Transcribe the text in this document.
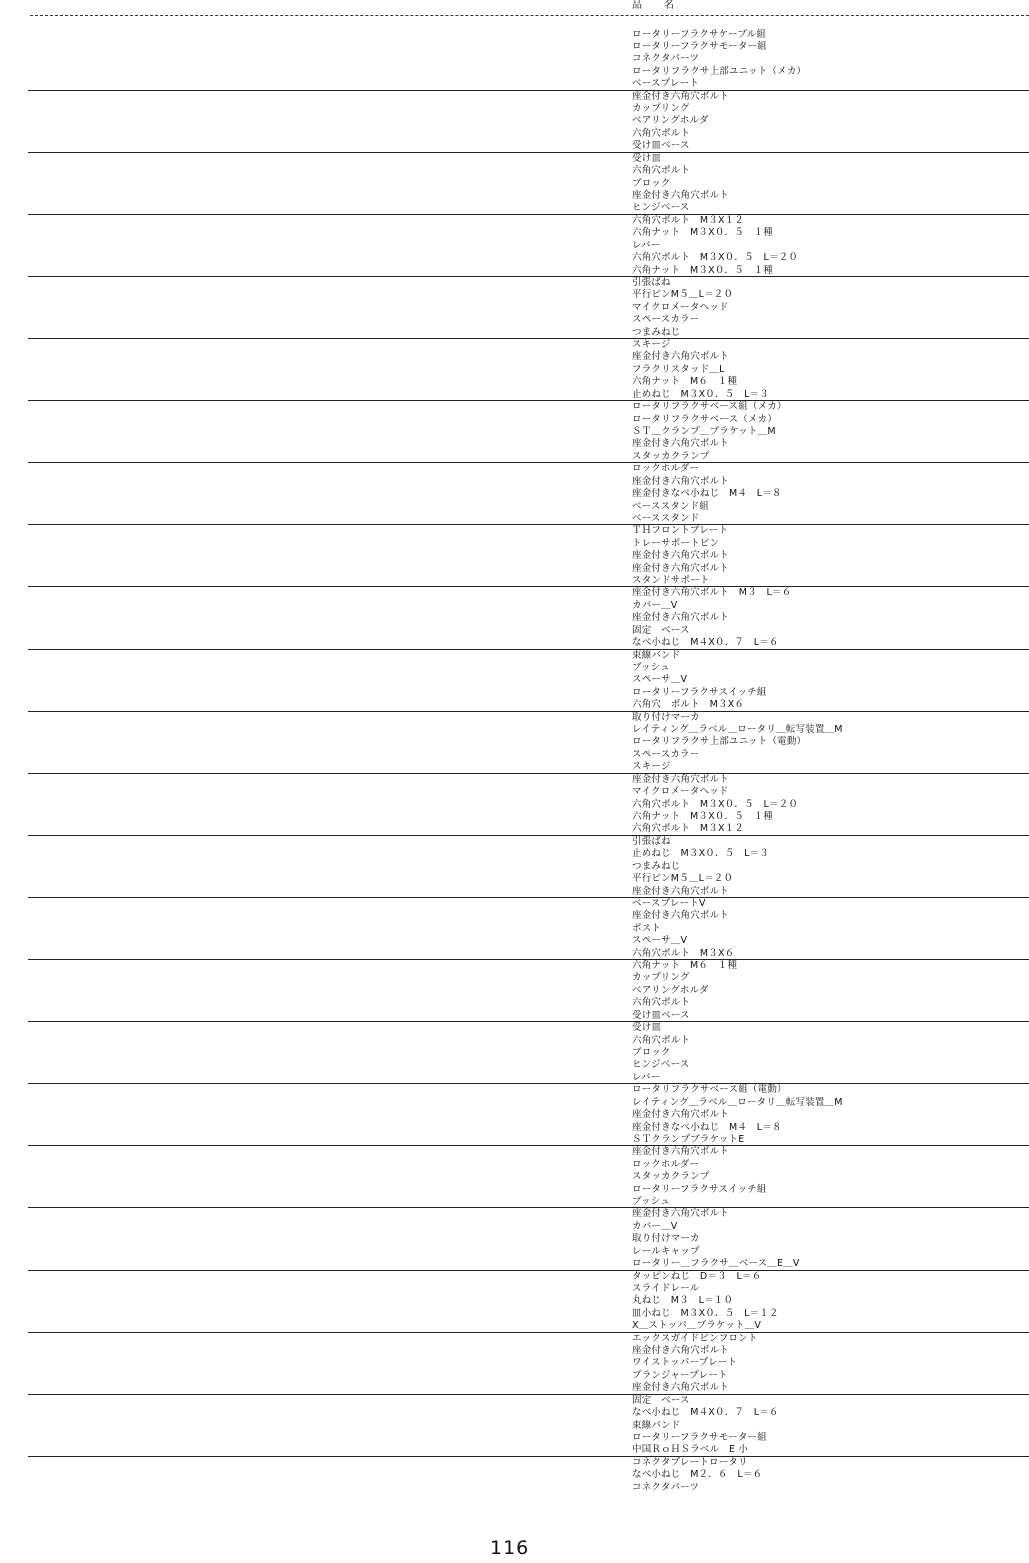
品　名
ロータリーフラクサケーブル組
ロータリーフラクサモーター組
コネクタパーツ
ロータリフラクサ上部ユニット（メカ）
ベースプレート
座金付き六角穴ボルト
カップリング
ベアリングホルダ
六角穴ボルト
受け皿ベース
受け皿
六角穴ボルト
ブロック
座金付き六角穴ボルト
ヒンジベース
六角穴ボルト　M３X１２
六角ナット　M３X０．５　１種
レバー
六角穴ボルト　M３X０．５　L＝２０
六角ナット　M３X０．５　１種
引張ばね
平行ピンM５＿L＝２０
マイクロメータヘッド
スペースカラー
つまみねじ
スキージ
座金付き六角穴ボルト
フラクリスタッド＿L
六角ナット　M６　１種
止めねじ　M３X０．５　L＝３
ロータリフラクサベース組（メカ）
ロータリフラクサベース（メカ）
ＳＴ＿クランプ＿ブラケット＿M
座金付き六角穴ボルト
スタッカクランプ
ロックホルダー
座金付き六角穴ボルト
座金付きなべ小ねじ　M４　L＝８
ベーススタンド組
ベーススタンド
ＴＨフロントプレート
トレーサポートピン
座金付き六角穴ボルト
座金付き六角穴ボルト
スタンドサポート
座金付き六角穴ボルト　M３　L＝６
カバー＿V
座金付き六角穴ボルト
固定　ベース
なべ小ねじ　M４X０．７　L＝６
束線バンド
ブッシュ
スペーサ＿V
ロータリーフラクサスイッチ組
六角穴　ボルト　M３X６
取り付けマーカ
レイティング＿ラベル＿ロータリ＿転写装置＿M
ロータリフラクサ上部ユニット（電動）
スペースカラー
スキージ
座金付き六角穴ボルト
マイクロメータヘッド
六角穴ボルト　M３X０．５　L＝２０
六角ナット　M３X０．５　１種
六角穴ボルト　M３X１２
引張ばね
止めねじ　M３X０．５　L＝３
つまみねじ
平行ピンM５＿L＝２０
座金付き六角穴ボルト
ベースプレートV
座金付き六角穴ボルト
ポスト
スペーサ＿V
六角穴ボルト　M３X６
六角ナット　M６　１種
カップリング
ベアリングホルダ
六角穴ボルト
受け皿ベース
受け皿
六角穴ボルト
ブロック
ヒンジベース
レバー
ロータリフラクサベース組（電動）
レイティング＿ラベル＿ロータリ＿転写装置＿M
座金付き六角穴ボルト
座金付きなべ小ねじ　M４　L＝８
ＳＴクランプブラケットE
座金付き六角穴ボルト
ロックホルダー
スタッカクランプ
ロータリーフラクサスイッチ組
ブッシュ
座金付き六角穴ボルト
カバー＿V
取り付けマーカ
レールキャップ
ロータリー＿フラクサ＿ベース＿E＿V
タッピンねじ　D＝３　L＝６
スライドレール
丸ねじ　M３　L＝１０
皿小ねじ　M３X０．５　L＝１２
X＿ストッパ＿ブラケット＿V
エックスガイドピンフロント
座金付き六角穴ボルト
ワイストッパープレート
プランジャープレート
座金付き六角穴ボルト
固定　ベース
なべ小ねじ　M４X０．７　L＝６
束線バンド
ロータリーフラクサモーター組
中国ＲｏＨＳラベル　E 小
コネクタプレートロータリ
なべ小ねじ　M２．６　L＝６
コネクタパーツ
116
